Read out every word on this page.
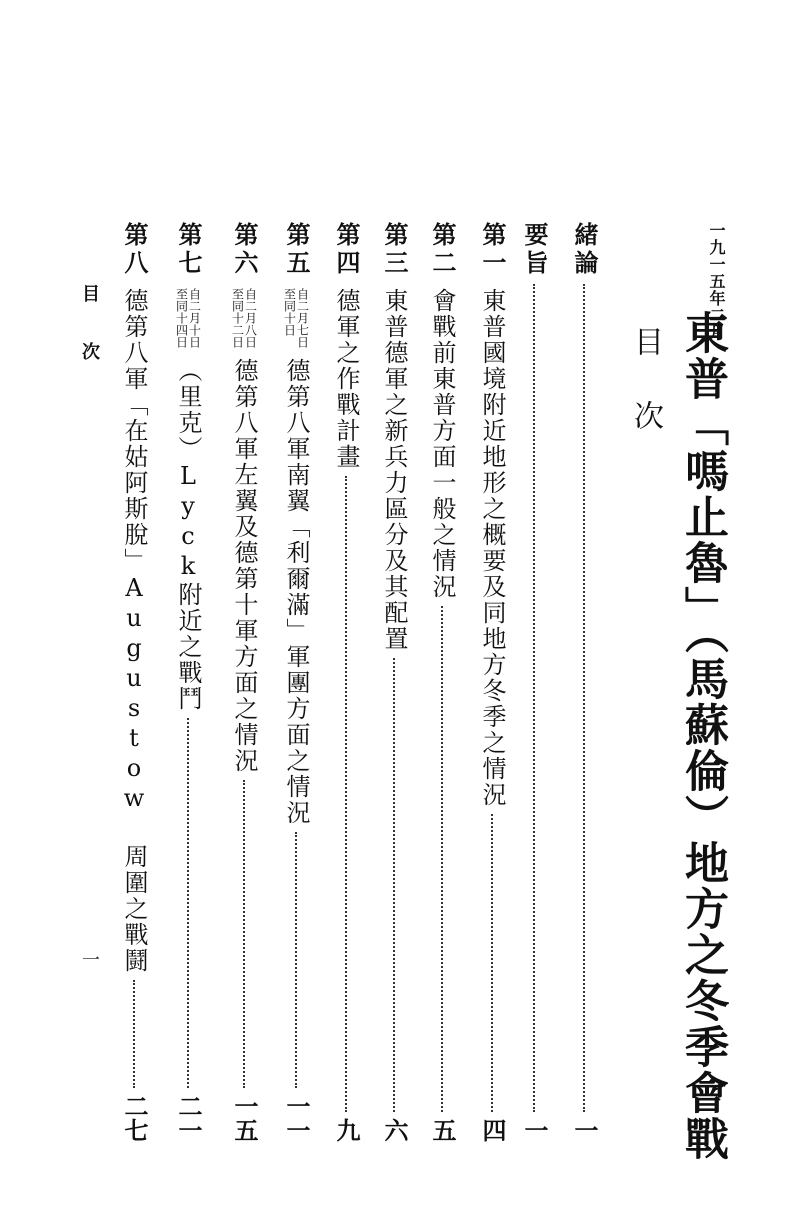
一九一五年二月
東普「嗎止魯」（馬蘇倫）地方之冬季會戰
目次
緒論
一
要旨
一
第一
東普國境附近地形之概要及同地方冬季之情況
四
第二
會戰前東普方面一般之情況
五
第三
東普德軍之新兵力區分及其配置
六
第四
德軍之作戰計畫
九
第五
自二月七日
至同十日
德第八軍南翼「利爾滿」軍團方面之情況
一一
第六
自二月八日
至同十二日
德第八軍左翼及德第十軍方面之情況
一五
第七
自二月十日
至同十四日
（里克）Lyck附近之戰鬥
二一
第八
德第八軍「在姑阿斯脫」Augustow 周圍之戰鬪
二七
目次
一
